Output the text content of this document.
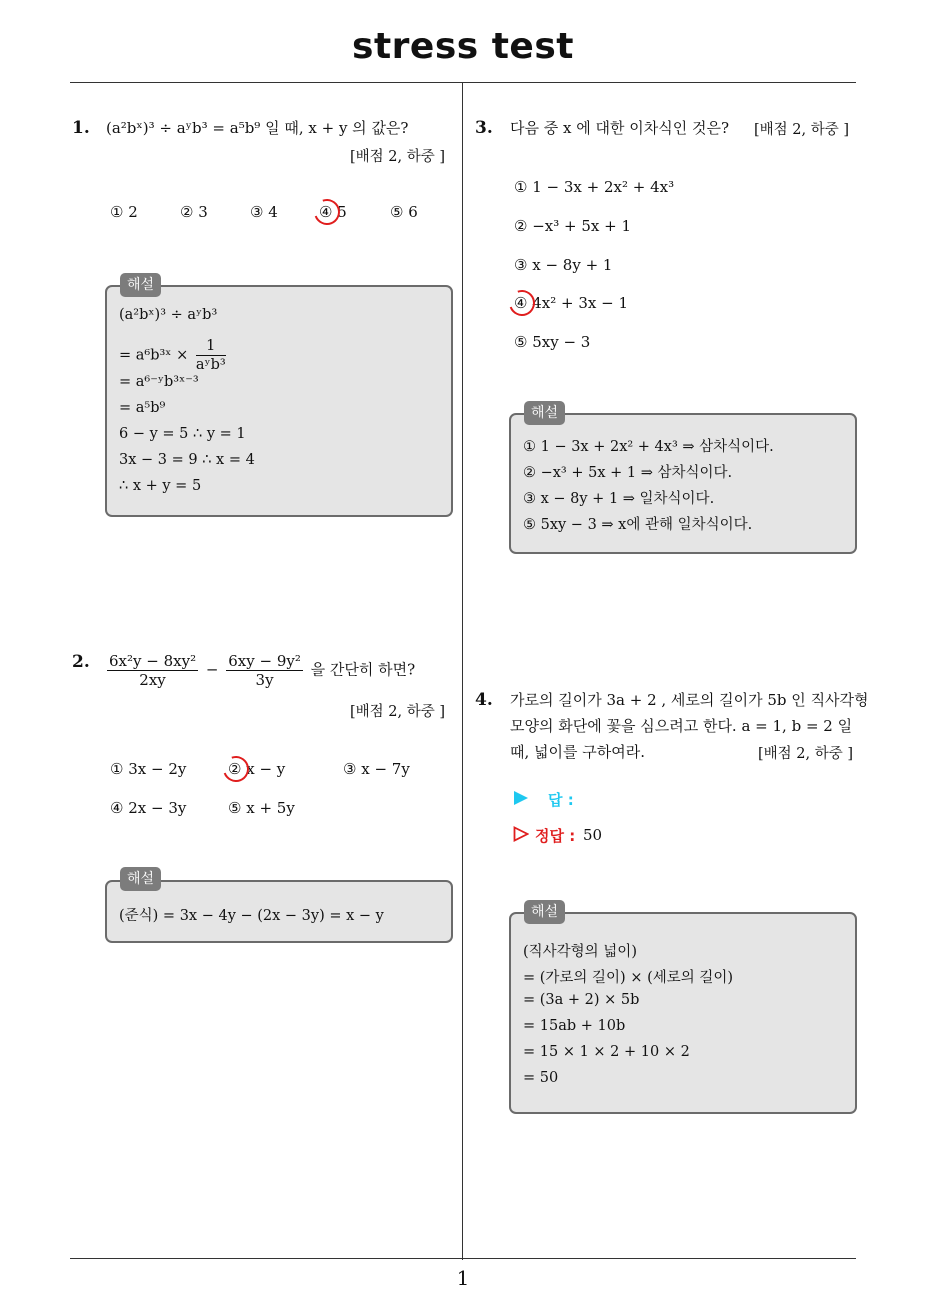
stress test
1
1. (a²bˣ)³ ÷ aʸb³ = a⁵b⁹ 일 때, x + y 의 값은?
[배점 2, 하중 ]
① 2	② 3	③ 4	④ 5	⑤ 6
(a²bˣ)³ ÷ aʸb³
= a⁶b³ˣ × $\frac{1}{\text{aʸb³}}$
= a⁶⁻ʸb³ˣ⁻³
= a⁵b⁹
6 − y = 5 ∴ y = 1
3x − 3 = 9 ∴ x = 4
∴ x + y = 5
해설
2. $\frac{\text{6x²y − 8xy²}}{2xy} - \frac{\text{6xy − 9y²}}{3y}$ 을 간단히 하면?
[배점 2, 하중 ]
① 3x − 2y	② x − y	③ x − 7y
④ 2x − 3y	⑤ x + 5y
(준식) = 3x − 4y − (2x − 3y) = x − y
해설
3. 다음 중 x 에 대한 이차식인 것은? [배점 2, 하중 ]
① 1 − 3x + 2x² + 4x³
② −x³ + 5x + 1
③ x − 8y + 1
④ 4x² + 3x − 1
⑤ 5xy − 3
① 1 − 3x + 2x² + 4x³ ⇒ 삼차식이다.
② −x³ + 5x + 1 ⇒ 삼차식이다.
③ x − 8y + 1 ⇒ 일차식이다.
⑤ 5xy − 3 ⇒ x에 관해 일차식이다.
해설
4. 가로의 길이가 3a + 2 , 세로의 길이가 5b 인 직사각형
모양의 화단에 꽃을 심으려고 한다. a = 1, b = 2 일
때, 넓이를 구하여라.	[배점 2, 하중 ]
답 :
정답 : 50
(직사각형의 넓이)
= (가로의 길이) × (세로의 길이)
= (3a + 2) × 5b
= 15ab + 10b
= 15 × 1 × 2 + 10 × 2
= 50
해설
